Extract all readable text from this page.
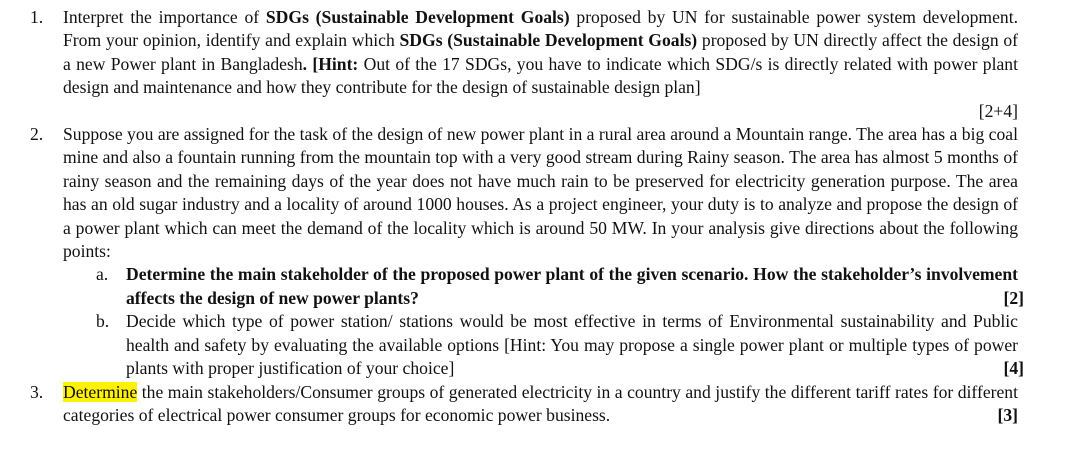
1. Interpret the importance of SDGs (Sustainable Development Goals) proposed by UN for sustainable power system development. From your opinion, identify and explain which SDGs (Sustainable Development Goals) proposed by UN directly affect the design of a new Power plant in Bangladesh. [Hint: Out of the 17 SDGs, you have to indicate which SDG/s is directly related with power plant design and maintenance and how they contribute for the design of sustainable design plan]
[2+4]
2. Suppose you are assigned for the task of the design of new power plant in a rural area around a Mountain range. The area has a big coal mine and also a fountain running from the mountain top with a very good stream during Rainy season. The area has almost 5 months of rainy season and the remaining days of the year does not have much rain to be preserved for electricity generation purpose. The area has an old sugar industry and a locality of around 1000 houses. As a project engineer, your duty is to analyze and propose the design of a power plant which can meet the demand of the locality which is around 50 MW. In your analysis give directions about the following points:
a. Determine the main stakeholder of the proposed power plant of the given scenario. How the stakeholder’s involvement affects the design of new power plants?	[2]
b. Decide which type of power station/ stations would be most effective in terms of Environmental sustainability and Public health and safety by evaluating the available options [Hint: You may propose a single power plant or multiple types of power plants with proper justification of your choice]	[4]
3. Determine the main stakeholders/Consumer groups of generated electricity in a country and justify the different tariff rates for different categories of electrical power consumer groups for economic power business.	[3]
